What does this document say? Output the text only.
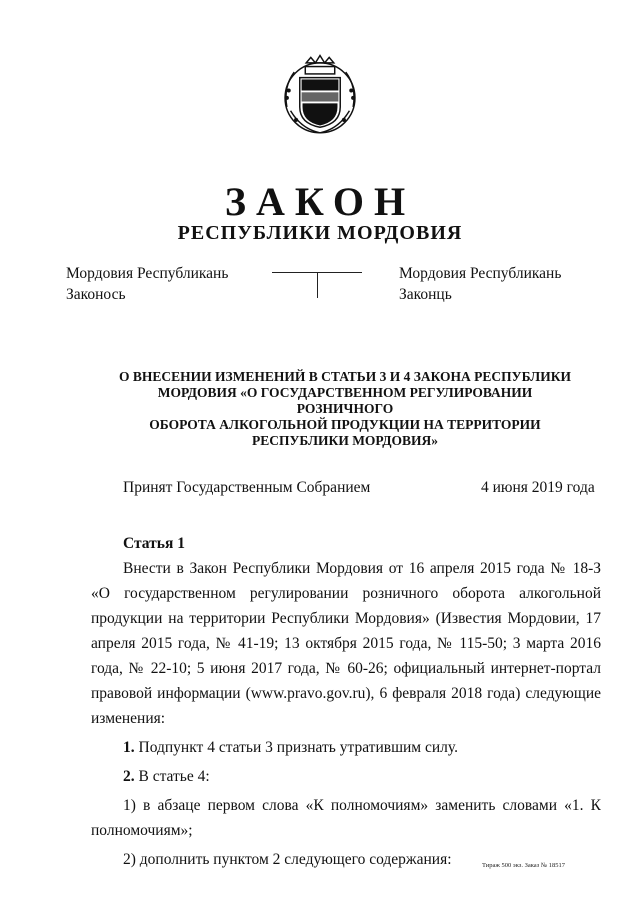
ЗАКОН
РЕСПУБЛИКИ МОРДОВИЯ
Мордовия Республикань
Законось
Мордовия Республикань
Законць
О ВНЕСЕНИИ ИЗМЕНЕНИЙ В СТАТЬИ 3 И 4 ЗАКОНА РЕСПУБЛИКИ
МОРДОВИЯ «О ГОСУДАРСТВЕННОМ РЕГУЛИРОВАНИИ РОЗНИЧНОГО
ОБОРОТА АЛКОГОЛЬНОЙ ПРОДУКЦИИ НА ТЕРРИТОРИИ
РЕСПУБЛИКИ МОРДОВИЯ»
Принят Государственным Собранием	4 июня 2019 года
Статья 1

Внести в Закон Республики Мордовия от 16 апреля 2015 года № 18-З «О государственном регулировании розничного оборота алкогольной продукции на территории Республики Мордовия» (Известия Мордовии, 17 апреля 2015 года, № 41-19; 13 октября 2015 года, № 115-50; 3 марта 2016 года, № 22-10; 5 июня 2017 года, № 60-26; официальный интернет-портал правовой информации (www.pravo.gov.ru), 6 февраля 2018 года) следующие изменения:

1. Подпункт 4 статьи 3 признать утратившим силу.

2. В статье 4:

1) в абзаце первом слова «К полномочиям» заменить словами «1. К полномочиям»;

2) дополнить пунктом 2 следующего содержания:	Тираж 500 экз. Заказ № 18517
